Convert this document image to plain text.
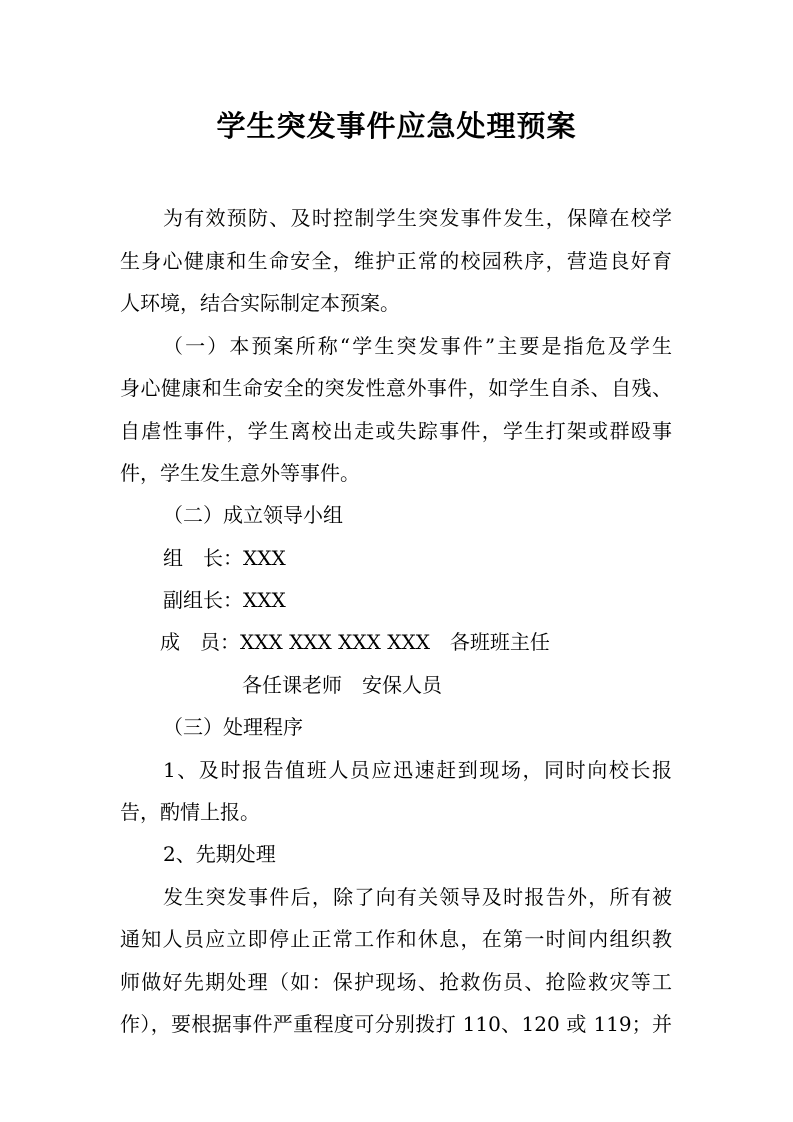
学生突发事件应急处理预案
为有效预防、及时控制学生突发事件发生，保障在校学
生身心健康和生命安全，维护正常的校园秩序，营造良好育
人环境，结合实际制定本预案。
（一）本预案所称“学生突发事件”主要是指危及学生
身心健康和生命安全的突发性意外事件，如学生自杀、自残、
自虐性事件，学生离校出走或失踪事件，学生打架或群殴事
件，学生发生意外等事件。
（二）成立领导小组
组　长：XXX
副组长：XXX
成　员：XXX XXX XXX XXX　各班班主任
各任课老师　安保人员
（三）处理程序
1、及时报告值班人员应迅速赶到现场，同时向校长报
告，酌情上报。
2、先期处理
发生突发事件后，除了向有关领导及时报告外，所有被
通知人员应立即停止正常工作和休息，在第一时间内组织教
师做好先期处理（如：保护现场、抢救伤员、抢险救灾等工
作），要根据事件严重程度可分别拨打 110、120 或 119；并
